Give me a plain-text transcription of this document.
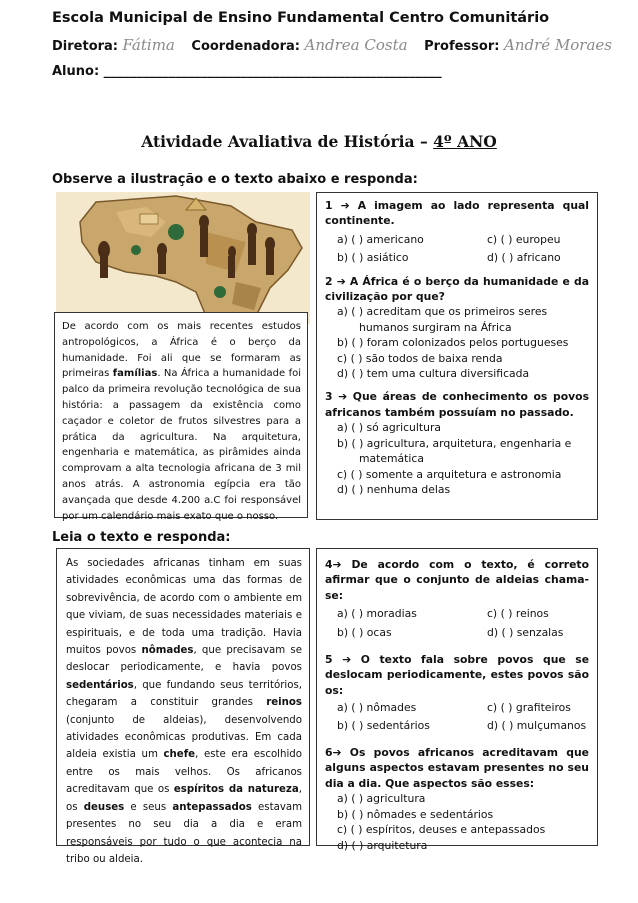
Escola Municipal de Ensino Fundamental Centro Comunitário
Diretora: Fátima Coordenadora: Andrea Costa Professor: André Moraes
Aluno: ____________________________________________________
Atividade Avaliativa de História – 4º ANO
Observe a ilustração e o texto abaixo e responda:
De acordo com os mais recentes estudos antropológicos, a África é o berço da humanidade. Foi ali que se formaram as primeiras famílias. Na África a humanidade foi palco da primeira revolução tecnológica de sua história: a passagem da existência como caçador e coletor de frutos silvestres para a prática da agricultura. Na arquitetura, engenharia e matemática, as pirâmides ainda comprovam a alta tecnologia africana de 3 mil anos atrás. A astronomia egípcia era tão avançada que desde 4.200 a.C foi responsável por um calendário mais exato que o nosso.
1 ➔ A imagem ao lado representa qual continente.
a) ( ) americano	c) ( ) europeu
b) ( ) asiático	d) ( ) africano
2 ➔ A África é o berço da humanidade e da civilização por que?
a) ( ) acreditam que os primeiros seres humanos surgiram na África
b) ( ) foram colonizados pelos portugueses
c) ( ) são todos de baixa renda
d) ( ) tem uma cultura diversificada
3 ➔ Que áreas de conhecimento os povos africanos também possuíam no passado.
a) ( ) só agricultura
b) ( ) agricultura, arquitetura, engenharia e matemática
c) ( ) somente a arquitetura e astronomia
d) ( ) nenhuma delas
Leia o texto e responda:
As sociedades africanas tinham em suas atividades econômicas uma das formas de sobrevivência, de acordo com o ambiente em que viviam, de suas necessidades materiais e espirituais, e de toda uma tradição. Havia muitos povos nômades, que precisavam se deslocar periodicamente, e havia povos sedentários, que fundando seus territórios, chegaram a constituir grandes reinos (conjunto de aldeias), desenvolvendo atividades econômicas produtivas. Em cada aldeia existia um chefe, este era escolhido entre os mais velhos. Os africanos acreditavam que os espíritos da natureza, os deuses e seus antepassados estavam presentes no seu dia a dia e eram responsáveis por tudo o que acontecia na tribo ou aldeia.
4➔ De acordo com o texto, é correto afirmar que o conjunto de aldeias chama-se:
a) ( ) moradias	c) ( ) reinos
b) ( ) ocas	d) ( ) senzalas
5 ➔ O texto fala sobre povos que se deslocam periodicamente, estes povos são os:
a) ( ) nômades	c) ( ) grafiteiros
b) ( ) sedentários	d) ( ) mulçumanos
6➔ Os povos africanos acreditavam que alguns aspectos estavam presentes no seu dia a dia. Que aspectos são esses:
a) ( ) agricultura
b) ( ) nômades e sedentários
c) ( ) espíritos, deuses e antepassados
d) ( ) arquitetura
